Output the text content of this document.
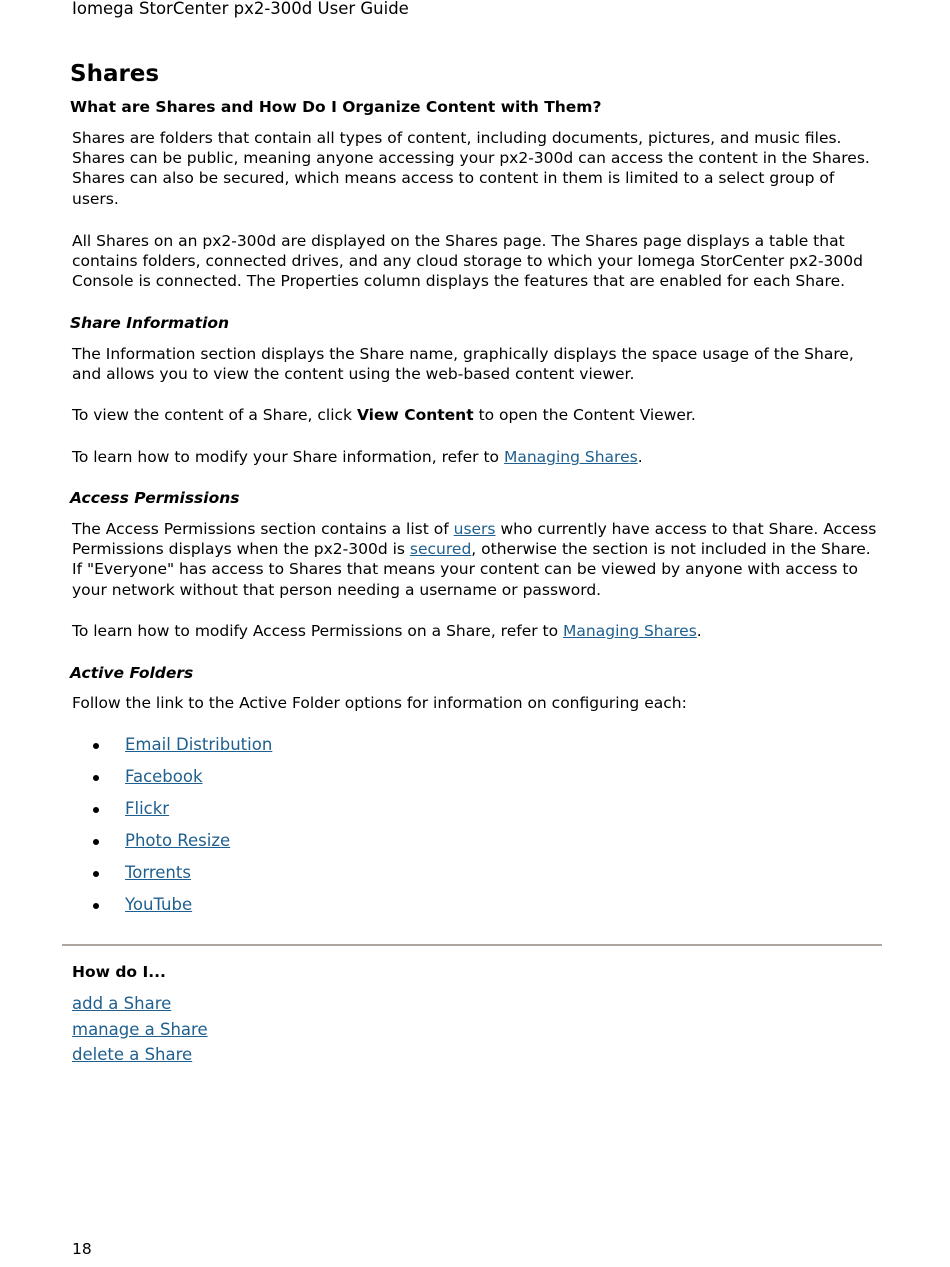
Iomega StorCenter px2-300d User Guide
Shares
What are Shares and How Do I Organize Content with Them?

Shares are folders that contain all types of content, including documents, pictures, and music files. Shares can be public, meaning anyone accessing your px2-300d can access the content in the Shares. Shares can also be secured, which means access to content in them is limited to a select group of users.

All Shares on an px2-300d are displayed on the Shares page. The Shares page displays a table that contains folders, connected drives, and any cloud storage to which your Iomega StorCenter px2-300d Console is connected. The Properties column displays the features that are enabled for each Share.

Share Information

The Information section displays the Share name, graphically displays the space usage of the Share, and allows you to view the content using the web-based content viewer.

To view the content of a Share, click View Content to open the Content Viewer.

To learn how to modify your Share information, refer to Managing Shares.

Access Permissions

The Access Permissions section contains a list of users who currently have access to that Share. Access Permissions displays when the px2-300d is secured, otherwise the section is not included in the Share. If "Everyone" has access to Shares that means your content can be viewed by anyone with access to your network without that person needing a username or password.

To learn how to modify Access Permissions on a Share, refer to Managing Shares.

Active Folders

Follow the link to the Active Folder options for information on configuring each:

Email Distribution
Facebook
Flickr
Photo Resize
Torrents
YouTube
How do I...
add a Share
manage a Share
delete a Share
18
